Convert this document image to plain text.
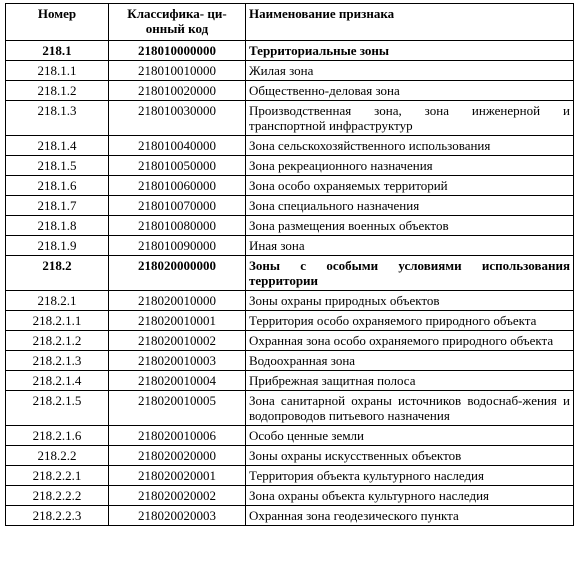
Номер	Классифика- ци-онный код	Наименование признака
218.1	218010000000	Территориальные зоны
218.1.1	218010010000	Жилая зона
218.1.2	218010020000	Общественно-деловая зона
218.1.3	218010030000	Производственная зона, зона инженерной и транспортной инфраструктур
218.1.4	218010040000	Зона сельскохозяйственного использования
218.1.5	218010050000	Зона рекреационного назначения
218.1.6	218010060000	Зона особо охраняемых территорий
218.1.7	218010070000	Зона специального назначения
218.1.8	218010080000	Зона размещения военных объектов
218.1.9	218010090000	Иная зона
218.2	218020000000	Зоны с особыми условиями использования территории
218.2.1	218020010000	Зоны охраны природных объектов
218.2.1.1	218020010001	Территория особо охраняемого природного объекта
218.2.1.2	218020010002	Охранная зона особо охраняемого природного объекта
218.2.1.3	218020010003	Водоохранная зона
218.2.1.4	218020010004	Прибрежная защитная полоса
218.2.1.5	218020010005	Зона санитарной охраны источников водоснаб-жения и водопроводов питьевого назначения
218.2.1.6	218020010006	Особо ценные земли
218.2.2	218020020000	Зоны охраны искусственных объектов
218.2.2.1	218020020001	Территория объекта культурного наследия
218.2.2.2	218020020002	Зона охраны объекта культурного наследия
218.2.2.3	218020020003	Охранная зона геодезического пункта
